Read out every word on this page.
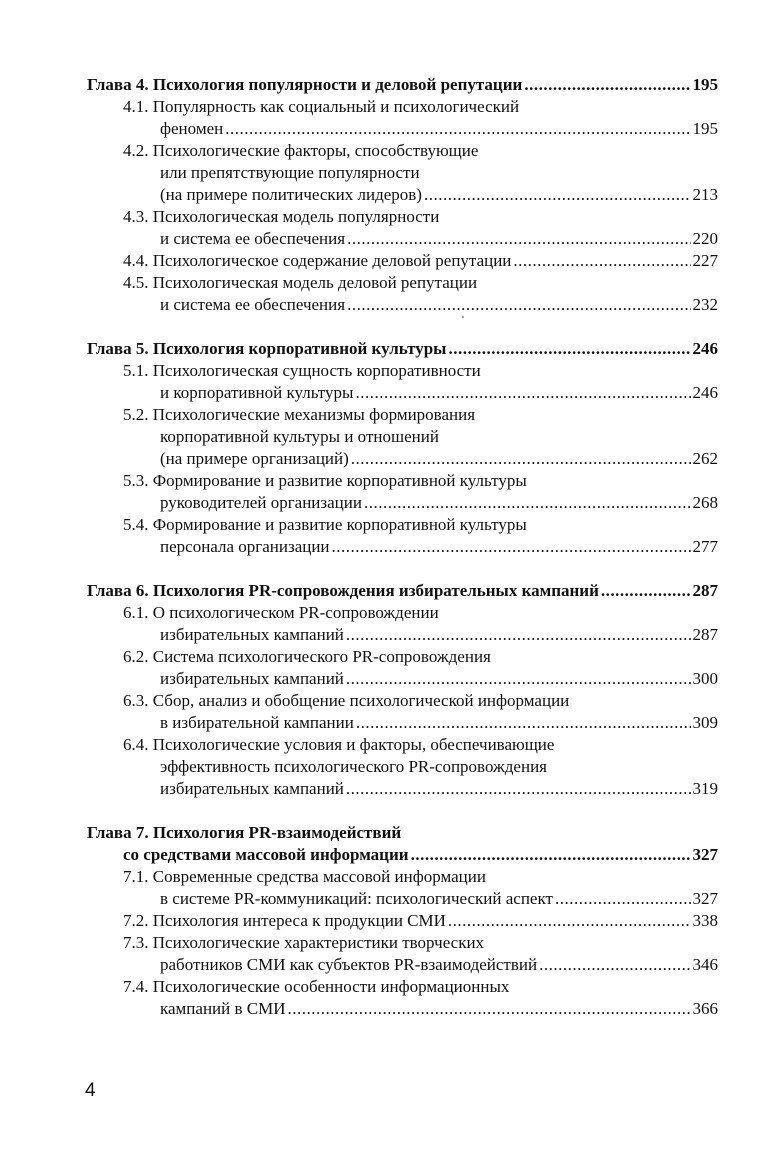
Глава 4. Психология популярности и деловой репутации .....	195
4.1. Популярность как социальный и психологический
феномен .....	195
4.2. Психологические факторы, способствующие
или препятствующие популярности
(на примере политических лидеров) .....	213
4.3. Психологическая модель популярности
и система ее обеспечения .....	220
4.4. Психологическое содержание деловой репутации .....	227
4.5. Психологическая модель деловой репутации
и система ее обеспечения .....	232
Глава 5. Психология корпоративной культуры .....	246
5.1. Психологическая сущность корпоративности
и корпоративной культуры .....	246
5.2. Психологические механизмы формирования
корпоративной культуры и отношений
(на примере организаций) .....	262
5.3. Формирование и развитие корпоративной культуры
руководителей организации .....	268
5.4. Формирование и развитие корпоративной культуры
персонала организации .....	277
Глава 6. Психология PR-сопровождения избирательных кампаний .....	287
6.1. О психологическом PR-сопровождении
избирательных кампаний .....	287
6.2. Система психологического PR-сопровождения
избирательных кампаний .....	300
6.3. Сбор, анализ и обобщение психологической информации
в избирательной кампании .....	309
6.4. Психологические условия и факторы, обеспечивающие
эффективность психологического PR-сопровождения
избирательных кампаний .....	319
Глава 7. Психология PR-взаимодействий
со средствами массовой информации .....	327
7.1. Современные средства массовой информации
в системе PR-коммуникаций: психологический аспект .....	327
7.2. Психология интереса к продукции СМИ .....	338
7.3. Психологические характеристики творческих
работников СМИ как субъектов PR-взаимодействий .....	346
7.4. Психологические особенности информационных
кампаний в СМИ .....	366
4
